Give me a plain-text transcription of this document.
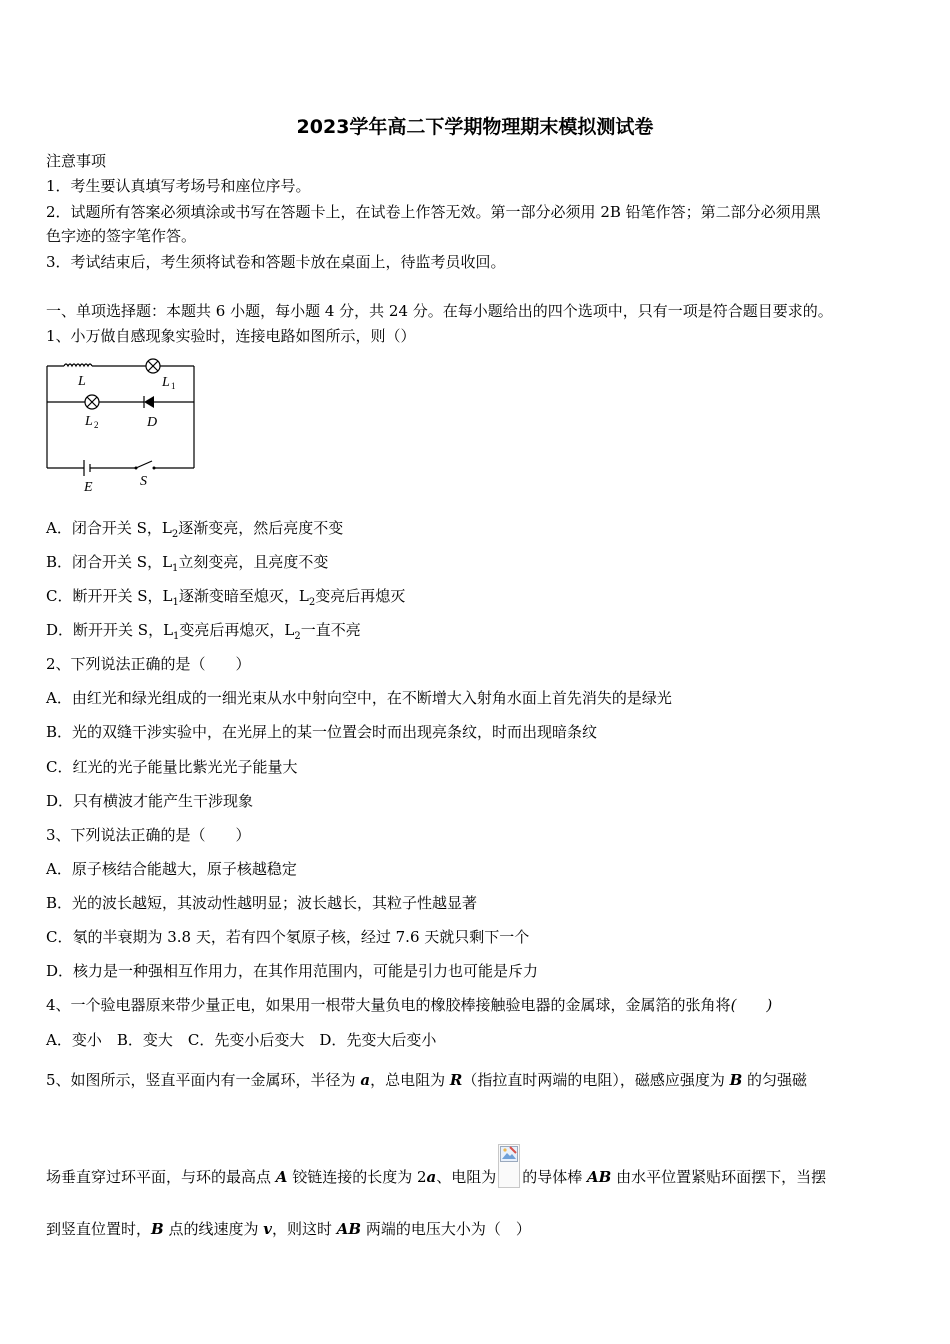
2023学年高二下学期物理期末模拟测试卷
注意事项
1．考生要认真填写考场号和座位序号。
2．试题所有答案必须填涂或书写在答题卡上，在试卷上作答无效。第一部分必须用 2B 铅笔作答；第二部分必须用黑
色字迹的签字笔作答。
3．考试结束后，考生须将试卷和答题卡放在桌面上，待监考员收回。
一、单项选择题：本题共 6 小题，每小题 4 分，共 24 分。在每小题给出的四个选项中，只有一项是符合题目要求的。
1、小万做自感现象实验时，连接电路如图所示，则（）
L	L 1
L 2	D
E	S
A．闭合开关 S，$L_2$逐渐变亮，然后亮度不变
B．闭合开关 S，$L_1$立刻变亮，且亮度不变
C．断开开关 S，$L_1$逐渐变暗至熄灭，$L_2$变亮后再熄灭
D．断开开关 S，$L_1$变亮后再熄灭，$L_2$一直不亮
2、下列说法正确的是（　　）
A．由红光和绿光组成的一细光束从水中射向空中，在不断增大入射角水面上首先消失的是绿光
B．光的双缝干涉实验中，在光屏上的某一位置会时而出现亮条纹，时而出现暗条纹
C．红光的光子能量比紫光光子能量大
D．只有横波才能产生干涉现象
3、下列说法正确的是（　　）
A．原子核结合能越大，原子核越稳定
B．光的波长越短，其波动性越明显；波长越长，其粒子性越显著
C．氡的半衰期为 3.8 天，若有四个氡原子核，经过 7.6 天就只剩下一个
D．核力是一种强相互作用力，在其作用范围内，可能是引力也可能是斥力
4、一个验电器原来带少量正电，如果用一根带大量负电的橡胶棒接触验电器的金属球，金属箔的张角将(　　)
A．变小　B．变大　C．先变小后变大　D．先变大后变小
5、如图所示，竖直平面内有一金属环，半径为 a，总电阻为 R（指拉直时两端的电阻），磁感应强度为 B 的匀强磁
场垂直穿过环平面，与环的最高点 A 铰链连接的长度为 2a、电阻为 的导体棒 AB 由水平位置紧贴环面摆下，当摆
到竖直位置时，B 点的线速度为 v，则这时 AB 两端的电压大小为（　）
